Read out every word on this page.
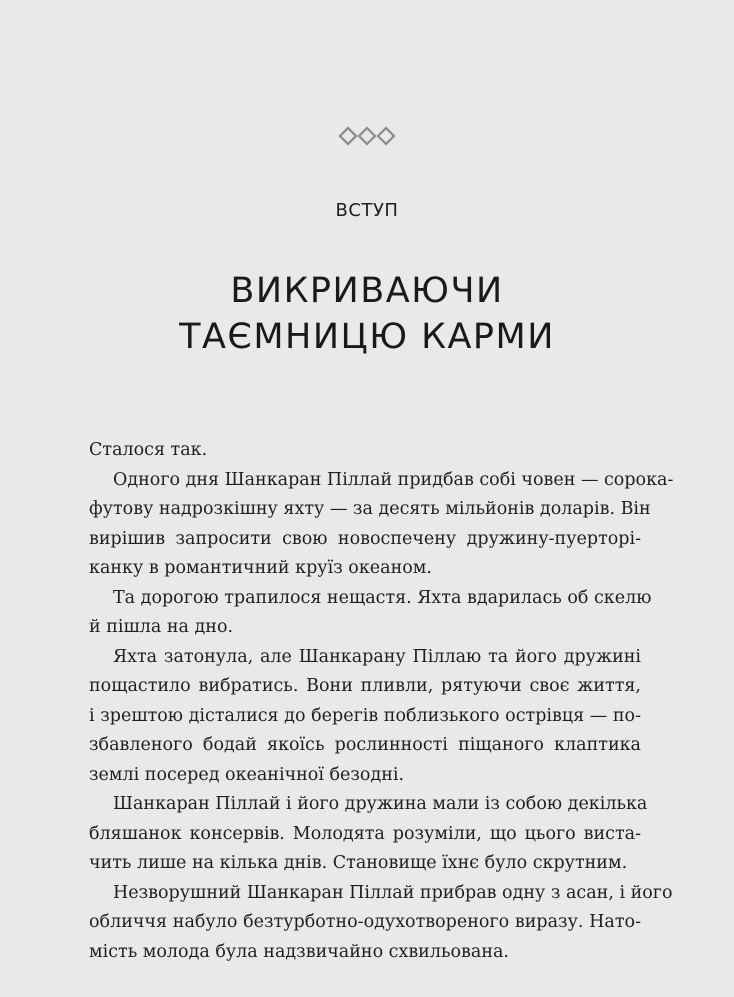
ВСТУП
ВИКРИВАЮЧИ
ТАЄМНИЦЮ КАРМИ
Сталося так.
Одного дня Шанкаран Піллай придбав собі човен — сорока-
футову надрозкішну яхту — за десять мільйонів доларів. Він
вирішив запросити свою новоспечену дружину-пуерторі-
канку в романтичний круїз океаном.
Та дорогою трапилося нещастя. Яхта вдарилась об скелю
й пішла на дно.
Яхта затонула, але Шанкарану Піллаю та його дружині
пощастило вибратись. Вони пливли, рятуючи своє життя,
і зрештою дісталися до берегів поблизького острівця — по-
збавленого бодай якоїсь рослинності піщаного клаптика
землі посеред океанічної безодні.
Шанкаран Піллай і його дружина мали із собою декілька
бляшанок консервів. Молодята розуміли, що цього вистa-
чить лише на кілька днів. Становище їхнє було скрутним.
Незворушний Шанкаран Піллай прибрав одну з асан, і його
обличчя набуло безтурботно-одухотвореного виразу. Нато-
мість молода була надзвичайно схвильована.
